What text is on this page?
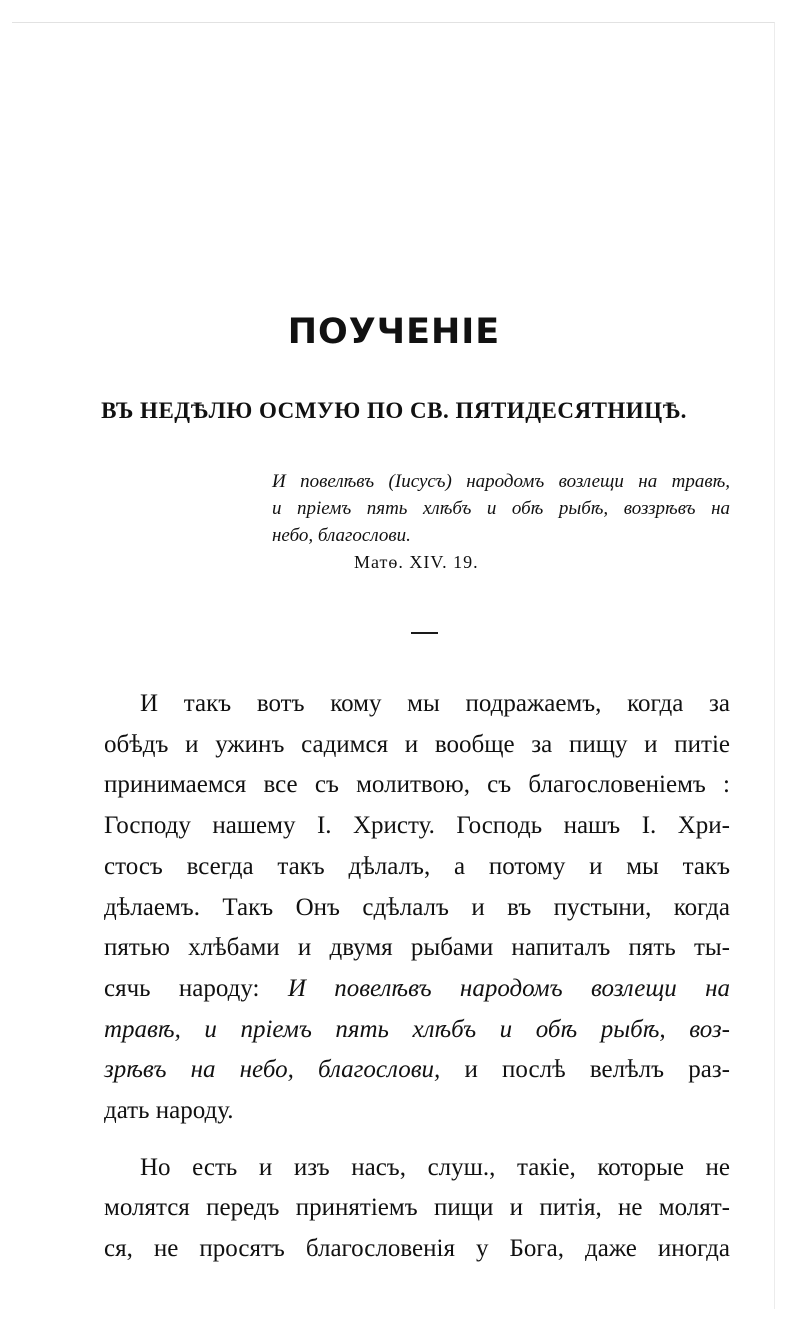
ПОУЧЕНІЕ
ВЪ НЕДѢЛЮ ОСМУЮ ПО СВ. ПЯТИДЕСЯТНИЦѢ.
И повелѣвъ (Іисусъ) народомъ возлещи на травѣ,
и пріемъ пять хлѣбъ и обѣ рыбѣ, воззрѣвъ на
небо, благослови.
Матѳ. XIV. 19.
И такъ вотъ кому мы подражаемъ, когда за
обѣдъ и ужинъ садимся и вообще за пищу и питіе
принимаемся все съ молитвою, съ благословеніемъ :
Господу нашему І. Христу. Господь нашъ І. Хри-
стосъ всегда такъ дѣлалъ, а потому и мы такъ
дѣлаемъ. Такъ Онъ сдѣлалъ и въ пустыни, когда
пятью хлѣбами и двумя рыбами напиталъ пять ты-
сячь народу: И повелѣвъ народомъ возлещи на
травѣ, и пріемъ пять хлѣбъ и обѣ рыбѣ, воз-
зрѣвъ на небо, благослови, и послѣ велѣлъ раз-
дать народу.
Но есть и изъ насъ, слуш., такіе, которые не
молятся передъ принятіемъ пищи и питія, не молят-
ся, не просятъ благословенія у Бога, даже иногда
